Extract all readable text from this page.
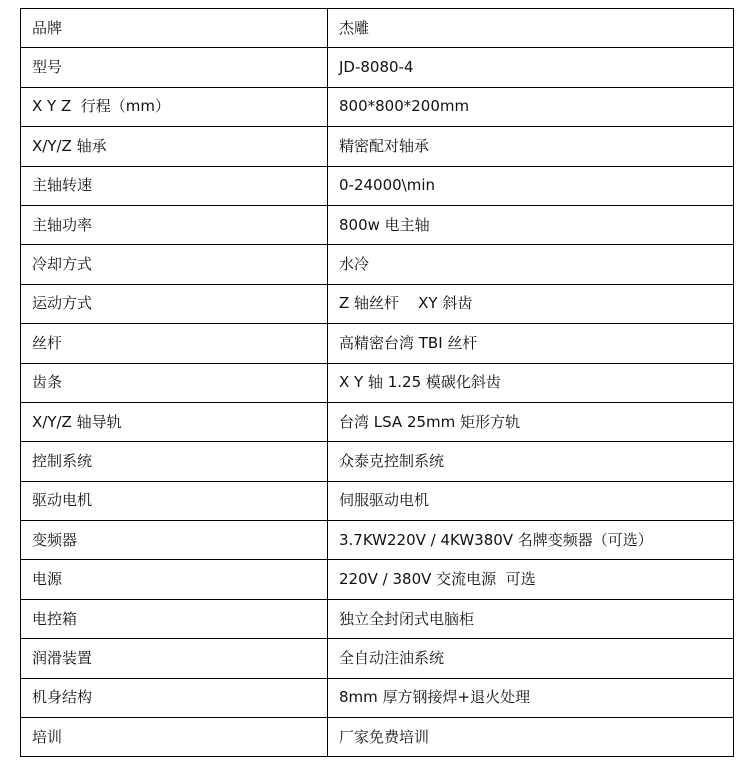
品牌	杰雕
型号	JD-8080-4
X Y Z  行程（mm）	800*800*200mm
X/Y/Z 轴承	精密配对轴承
主轴转速	0-24000\min
主轴功率	800w 电主轴
冷却方式	水冷
运动方式	Z 轴丝杆    XY 斜齿
丝杆	高精密台湾 TBI 丝杆
齿条	X Y 轴 1.25 模碳化斜齿
X/Y/Z 轴导轨	台湾 LSA 25mm 矩形方轨
控制系统	众泰克控制系统
驱动电机	伺服驱动电机
变频器	3.7KW220V / 4KW380V 名牌变频器（可选）
电源	220V / 380V 交流电源  可选
电控箱	独立全封闭式电脑柜
润滑装置	全自动注油系统
机身结构	8mm 厚方钢接焊+退火处理
培训	厂家免费培训
